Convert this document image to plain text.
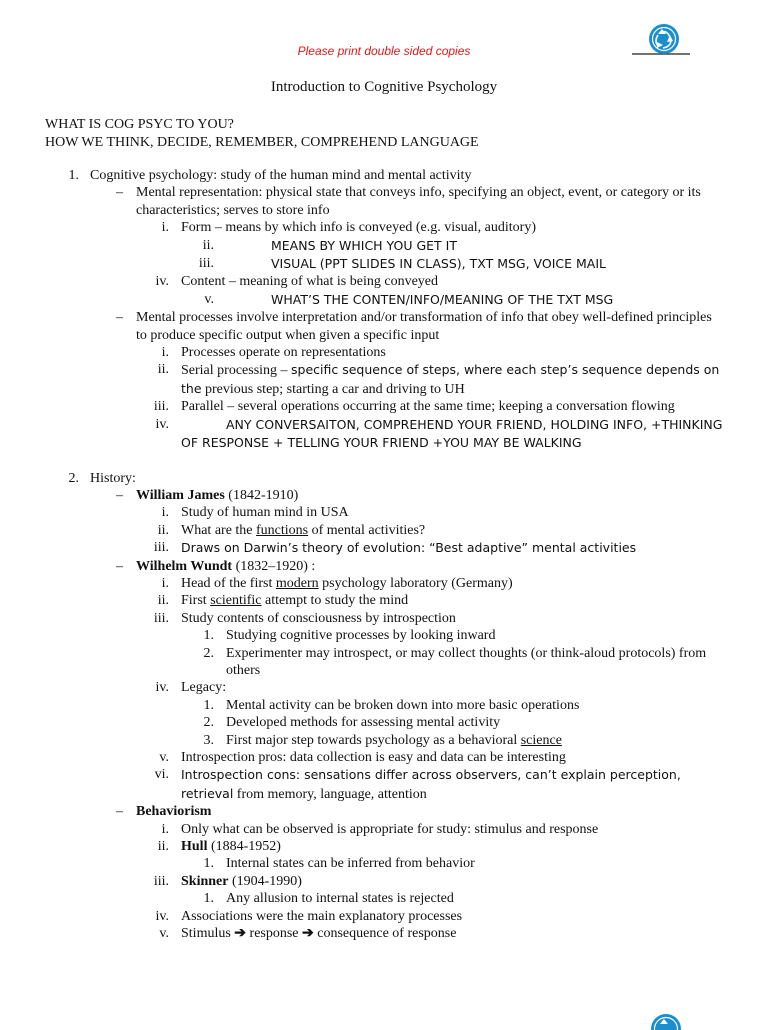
Please print double sided copies
Introduction to Cognitive Psychology
WHAT IS COG PSYC TO YOU?
HOW WE THINK, DECIDE, REMEMBER, COMPREHEND LANGUAGE
1. Cognitive psychology: study of the human mind and mental activity
– Mental representation: physical state that conveys info, specifying an object, event, or category or its characteristics; serves to store info
i. Form – means by which info is conveyed (e.g. visual, auditory)
ii.	MEANS BY WHICH YOU GET IT
iii.	VISUAL (PPT SLIDES IN CLASS), TXT MSG, VOICE MAIL
iv. Content – meaning of what is being conveyed
v.	WHAT’S THE CONTEN/INFO/MEANING OF THE TXT MSG
– Mental processes involve interpretation and/or transformation of info that obey well-defined principles to produce specific output when given a specific input
i. Processes operate on representations
ii. Serial processing – specific sequence of steps, where each step’s sequence depends on the previous step; starting a car and driving to UH
iii. Parallel – several operations occurring at the same time; keeping a conversation flowing
iv.	ANY CONVERSAITON, COMPREHEND YOUR FRIEND, HOLDING INFO, +THINKING OF RESPONSE + TELLING YOUR FRIEND +YOU MAY BE WALKING
2. History:
– William James (1842-1910)
i. Study of human mind in USA
ii. What are the functions of mental activities?
iii. Draws on Darwin’s theory of evolution: “Best adaptive” mental activities
– Wilhelm Wundt (1832–1920) :
i. Head of the first modern psychology laboratory (Germany)
ii. First scientific attempt to study the mind
iii. Study contents of consciousness by introspection
1. Studying cognitive processes by looking inward
2. Experimenter may introspect, or may collect thoughts (or think-aloud protocols) from others
iv. Legacy:
1. Mental activity can be broken down into more basic operations
2. Developed methods for assessing mental activity
3. First major step towards psychology as a behavioral science
v. Introspection pros: data collection is easy and data can be interesting
vi. Introspection cons: sensations differ across observers, can’t explain perception, retrieval from memory, language, attention
– Behaviorism
i. Only what can be observed is appropriate for study: stimulus and response
ii. Hull (1884-1952)
1. Internal states can be inferred from behavior
iii. Skinner (1904-1990)
1. Any allusion to internal states is rejected
iv. Associations were the main explanatory processes
v. Stimulus ➔ response ➔ consequence of response
